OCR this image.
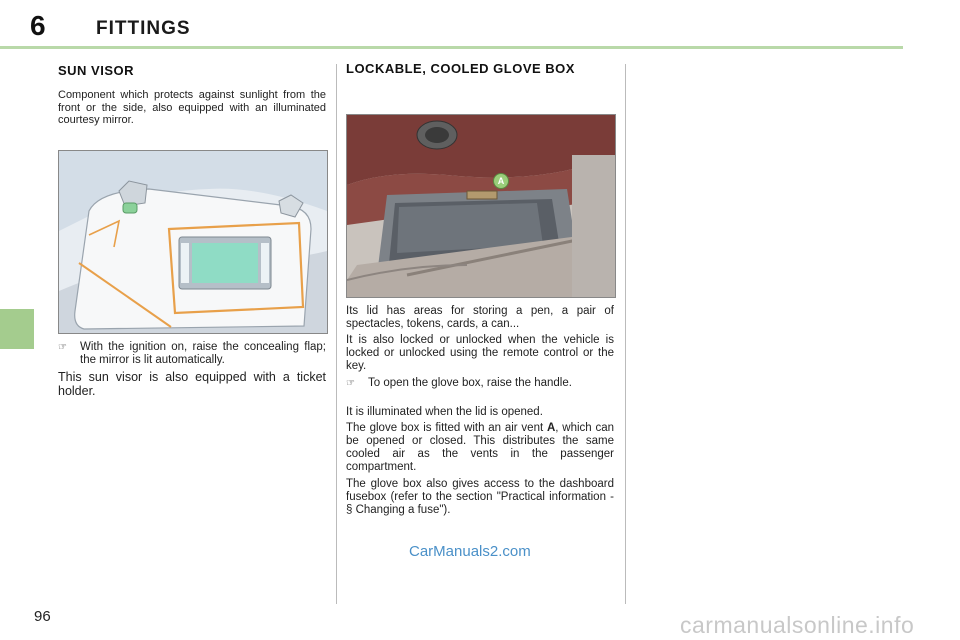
6	FITTINGS
SUN VISOR
Component which protects against sunlight from the front or the side, also equipped with an illuminated courtesy mirror.
☞ With the ignition on, raise the concealing flap; the mirror is lit automatically.
This sun visor is also equipped with a ticket holder.
LOCKABLE, COOLED GLOVE BOX
A
Its lid has areas for storing a pen, a pair of spectacles, tokens, cards, a can...
It is also locked or unlocked when the vehicle is locked or unlocked using the remote control or the key.
☞ To open the glove box, raise the handle.
It is illuminated when the lid is opened.
The glove box is fitted with an air vent A, which can be opened or closed. This distributes the same cooled air as the vents in the passenger compartment.
The glove box also gives access to the dashboard fusebox (refer to the section "Practical information - § Changing a fuse").
CarManuals2.com
96	carmanualsonline.info
